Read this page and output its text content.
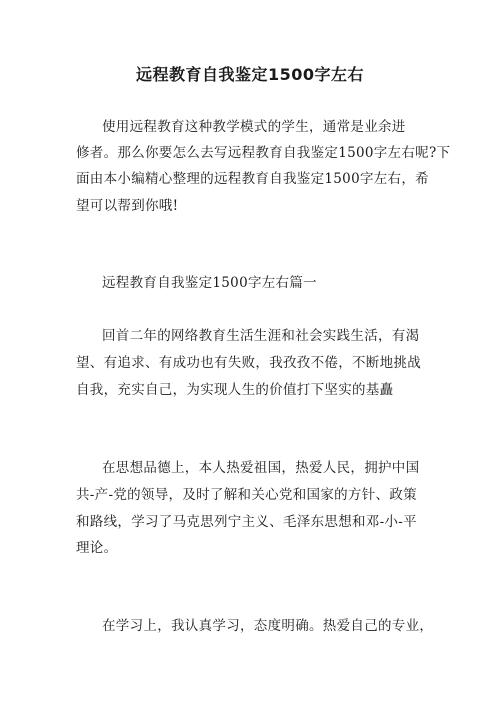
远程教育自我鉴定1500字左右
使用远程教育这种教学模式的学生，通常是业余进
修者。那么你要怎么去写远程教育自我鉴定1500字左右呢?下
面由本小编精心整理的远程教育自我鉴定1500字左右，希
望可以帮到你哦!
远程教育自我鉴定1500字左右篇一
回首二年的网络教育生活生涯和社会实践生活，有渴
望、有追求、有成功也有失败，我孜孜不倦，不断地挑战
自我，充实自己，为实现人生的价值打下坚实的基矗
在思想品德上，本人热爱祖国，热爱人民，拥护中国
共-产-党的领导，及时了解和关心党和国家的方针、政策
和路线，学习了马克思列宁主义、毛泽东思想和邓-小-平
理论。
在学习上，我认真学习，态度明确。热爱自己的专业，
